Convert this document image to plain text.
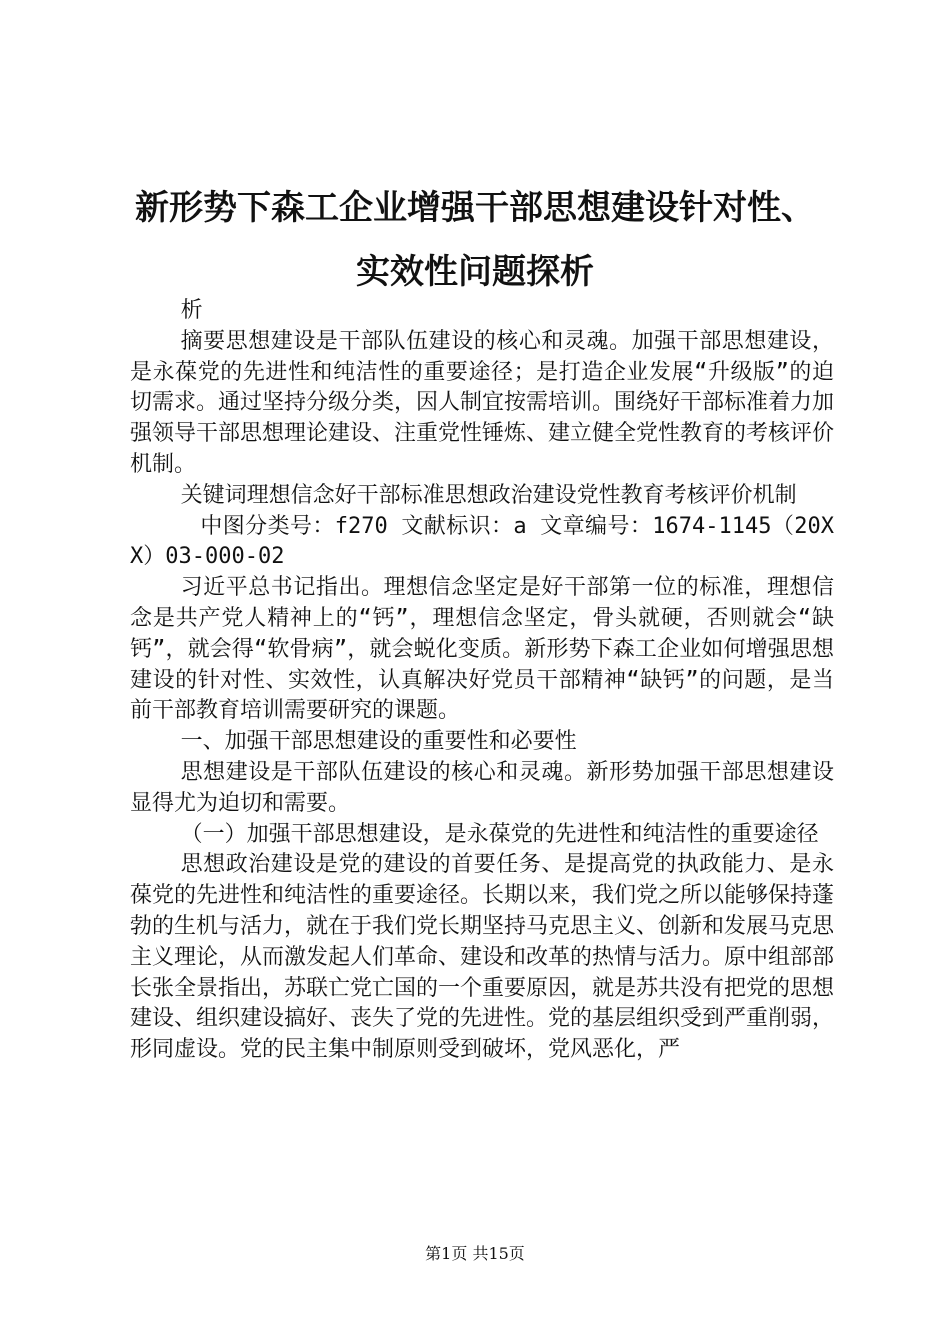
新形势下森工企业增强干部思想建设针对性、
实效性问题探析

析

摘要思想建设是干部队伍建设的核心和灵魂。加强干部思想建设，是永葆党的先进性和纯洁性的重要途径；是打造企业发展“升级版”的迫切需求。通过坚持分级分类，因人制宜按需培训。围绕好干部标准着力加强领导干部思想理论建设、注重党性锤炼、建立健全党性教育的考核评价机制。

关键词理想信念好干部标准思想政治建设党性教育考核评价机制

中图分类号：f270 文献标识：a 文章编号：1674-1145（20XX）03-000-02

习近平总书记指出。理想信念坚定是好干部第一位的标准，理想信念是共产党人精神上的“钙”，理想信念坚定，骨头就硬，否则就会“缺钙”，就会得“软骨病”，就会蜕化变质。新形势下森工企业如何增强思想建设的针对性、实效性，认真解决好党员干部精神“缺钙”的问题，是当前干部教育培训需要研究的课题。

一、加强干部思想建设的重要性和必要性

思想建设是干部队伍建设的核心和灵魂。新形势加强干部思想建设显得尤为迫切和需要。

（一）加强干部思想建设，是永葆党的先进性和纯洁性的重要途径

思想政治建设是党的建设的首要任务、是提高党的执政能力、是永葆党的先进性和纯洁性的重要途径。长期以来，我们党之所以能够保持蓬勃的生机与活力，就在于我们党长期坚持马克思主义、创新和发展马克思主义理论，从而激发起人们革命、建设和改革的热情与活力。原中组部部长张全景指出，苏联亡党亡国的一个重要原因，就是苏共没有把党的思想建设、组织建设搞好、丧失了党的先进性。党的基层组织受到严重削弱，形同虚设。党的民主集中制原则受到破坏，党风恶化，严

第1页 共15页
